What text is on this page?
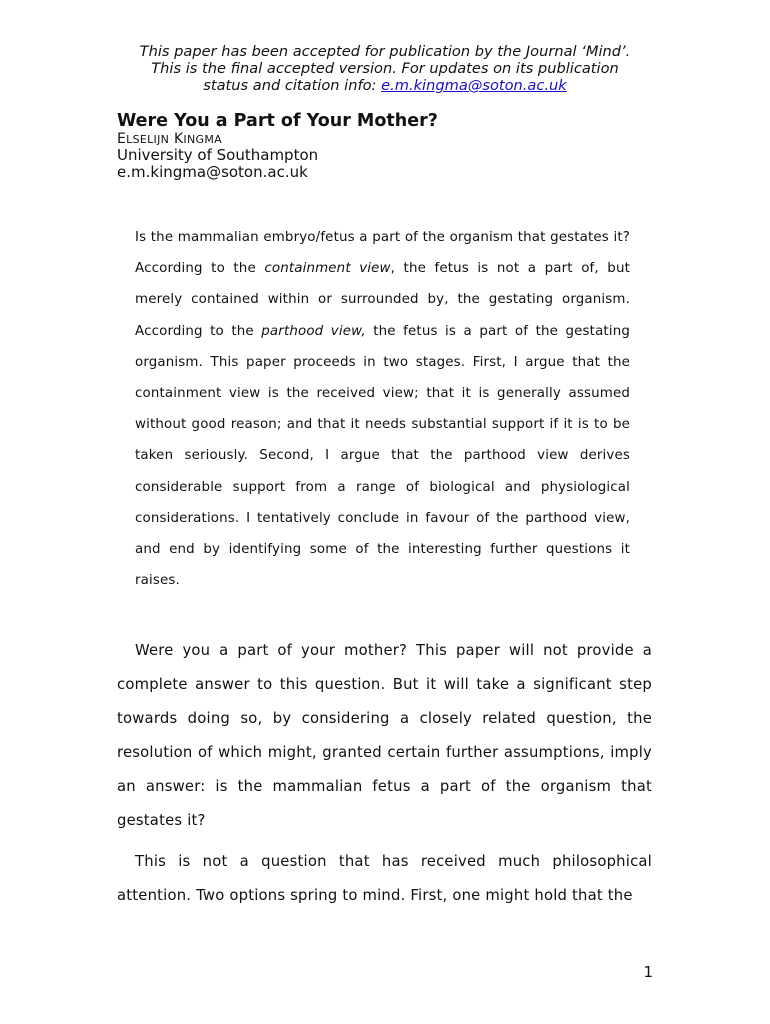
This paper has been accepted for publication by the Journal ‘Mind’.
This is the final accepted version. For updates on its publication
status and citation info: e.m.kingma@soton.ac.uk
Were You a Part of Your Mother?
ELSELIJN KINGMA
University of Southampton
e.m.kingma@soton.ac.uk

Is the mammalian embryo/fetus a part of the organism that gestates it? According to the containment view, the fetus is not a part of, but merely contained within or surrounded by, the gestating organism. According to the parthood view, the fetus is a part of the gestating organism. This paper proceeds in two stages. First, I argue that the containment view is the received view; that it is generally assumed without good reason; and that it needs substantial support if it is to be taken seriously. Second, I argue that the parthood view derives considerable support from a range of biological and physiological considerations. I tentatively conclude in favour of the parthood view, and end by identifying some of the interesting further questions it raises.

Were you a part of your mother? This paper will not provide a complete answer to this question. But it will take a significant step towards doing so, by considering a closely related question, the resolution of which might, granted certain further assumptions, imply an answer: is the mammalian fetus a part of the organism that gestates it?

This is not a question that has received much philosophical attention. Two options spring to mind. First, one might hold that the

1
